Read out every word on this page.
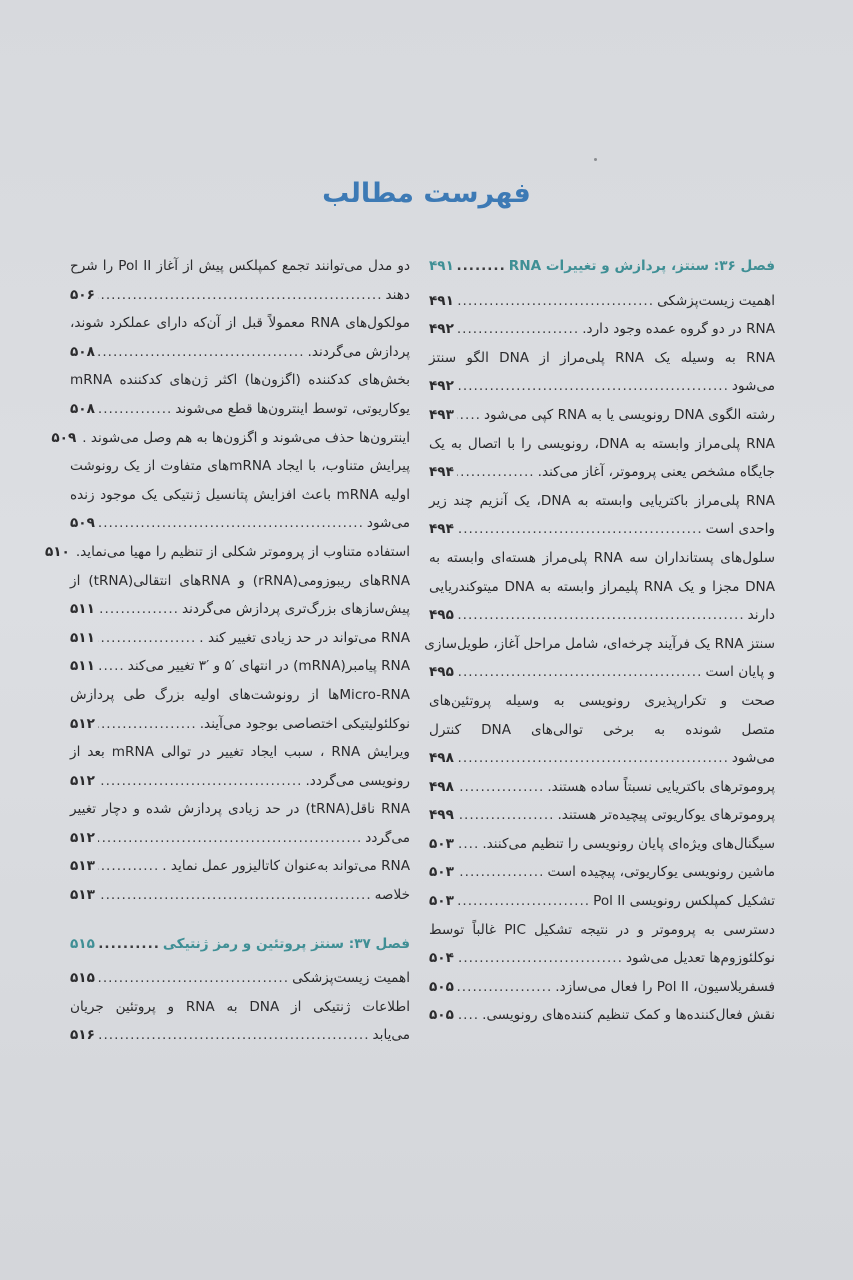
فهرست مطالب
فصل ۳۶: سنتز، پردازش و تغییرات RNA
.....
۴۹۱
اهمیت زیست‌پزشکی
.....
۴۹۱
RNA در دو گروه عمده وجود دارد.
.....
۴۹۲
RNA به وسیله یک RNA پلی‌مراز از DNA الگو سنتز
می‌شود
.....
۴۹۲
رشته الگوی DNA رونویسی یا به RNA کپی می‌شود
.....
۴۹۳
RNA پلی‌مراز وابسته به DNA، رونویسی را با اتصال به یک
جایگاه مشخص یعنی پروموتر، آغاز می‌کند.
.....
۴۹۴
RNA پلی‌مراز باکتریایی وابسته به DNA، یک آنزیم چند زیر
واحدی است
.....
۴۹۴
سلول‌های پستانداران سه RNA پلی‌مراز هسته‌ای وابسته به
DNA مجزا و یک RNA پلیمراز وابسته به DNA میتوکندریایی
دارند
.....
۴۹۵
سنتز RNA یک فرآیند چرخه‌ای، شامل مراحل آغاز، طویل‌سازی
و پایان است
.....
۴۹۵
صحت و تکرارپذیری رونویسی به وسیله پروتئین‌های
متصل شونده به برخی توالی‌های DNA کنترل
می‌شود
.....
۴۹۸
پروموترهای باکتریایی نسبتاً ساده هستند.
.....
۴۹۸
پروموترهای یوکاریوتی پیچیده‌تر هستند.
.....
۴۹۹
سیگنال‌های ویژه‌ای پایان رونویسی را تنظیم می‌کنند.
.....
۵۰۳
ماشین رونویسی یوکاریوتی، پیچیده است
.....
۵۰۳
تشکیل کمپلکس رونویسی Pol II
.....
۵۰۳
دسترسی به پروموتر و در نتیجه تشکیل PIC غالباً توسط
نوکلئوزوم‌ها تعدیل می‌شود
.....
۵۰۴
فسفریلاسیون، Pol II را فعال می‌سازد.
.....
۵۰۵
نقش فعال‌کننده‌ها و کمک تنظیم کننده‌های رونویسی.
.....
۵۰۵
دو مدل می‌توانند تجمع کمپلکس پیش از آغاز Pol II را شرح
دهند
.....
۵۰۶
مولکول‌های RNA معمولاً قبل از آن‌که دارای عملکرد شوند،
پردازش می‌گردند.
.....
۵۰۸
بخش‌های کدکننده (اگزون‌ها) اکثر ژن‌های کدکننده mRNA
یوکاریوتی، توسط اینترون‌ها قطع می‌شوند
.....
۵۰۸
اینترون‌ها حذف می‌شوند و اگزون‌ها به هم وصل می‌شوند .
۵۰۹
پیرایش متناوب، با ایجاد mRNAهای متفاوت از یک رونوشت
اولیه mRNA باعث افزایش پتانسیل ژنتیکی یک موجود زنده
می‌شود
.....
۵۰۹
استفاده متناوب از پروموتر شکلی از تنظیم را مهیا می‌نماید.
۵۱۰
RNAهای ریبوزومی(rRNA) و RNAهای انتقالی(tRNA) از
پیش‌سازهای بزرگ‌تری پردازش می‌گردند
.....
۵۱۱
RNA می‌تواند در حد زیادی تغییر کند .
.....
۵۱۱
RNA پیامبر(mRNA) در انتهای ′۵ و ′۳ تغییر می‌کند
.....
۵۱۱
Micro-RNAها از رونوشت‌های اولیه بزرگ طی پردازش
نوکلئولیتیکی اختصاصی بوجود می‌آیند.
.....
۵۱۲
ویرایش RNA ، سبب ایجاد تغییر در توالی mRNA بعد از
رونویسی می‌گردد.
.....
۵۱۲
RNA ناقل(tRNA) در حد زیادی پردازش شده و دچار تغییر
می‌گردد
.....
۵۱۲
RNA می‌تواند به‌عنوان کاتالیزور عمل نماید .
.....
۵۱۳
خلاصه
.....
۵۱۳
فصل ۳۷: سنتز پروتئین و رمز ژنتیکی
.....
۵۱۵
اهمیت زیست‌پزشکی
.....
۵۱۵
اطلاعات ژنتیکی از DNA به RNA و پروتئین جریان
می‌یابد
.....
۵۱۶
